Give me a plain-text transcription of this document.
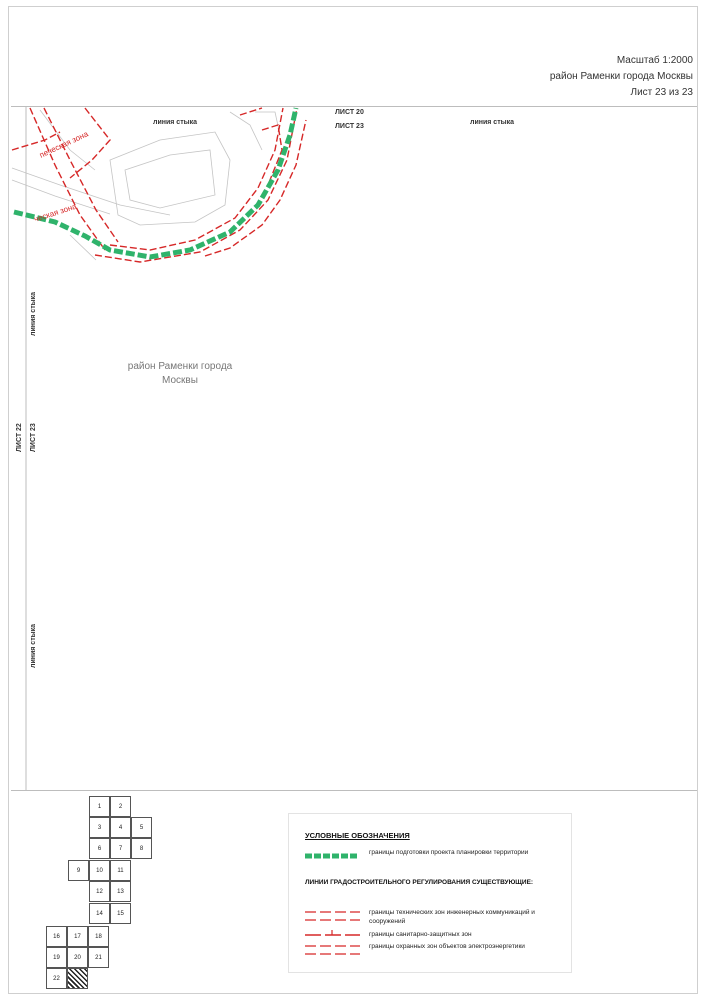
Масштаб 1:2000
район Раменки города Москвы
Лист 23 из 23
печеская зона
ческая зона
линия стыка
ЛИСТ 20
ЛИСТ 23
линия стыка
линия стыка
ЛИСТ 22 ЛИСТ 23
линия стыка
район Раменки города Москвы
1	2
3	4	5
6	7	8
9	10	11
12	13
14	15
16	17	18
19	20	21
22
УСЛОВНЫЕ ОБОЗНАЧЕНИЯ
границы подготовки проекта планировки территории
ЛИНИИ ГРАДОСТРОИТЕЛЬНОГО РЕГУЛИРОВАНИЯ СУЩЕСТВУЮЩИЕ:
границы технических зон инженерных коммуникаций и сооружений
границы санитарно-защитных зон
границы охранных зон объектов электроэнергетики
